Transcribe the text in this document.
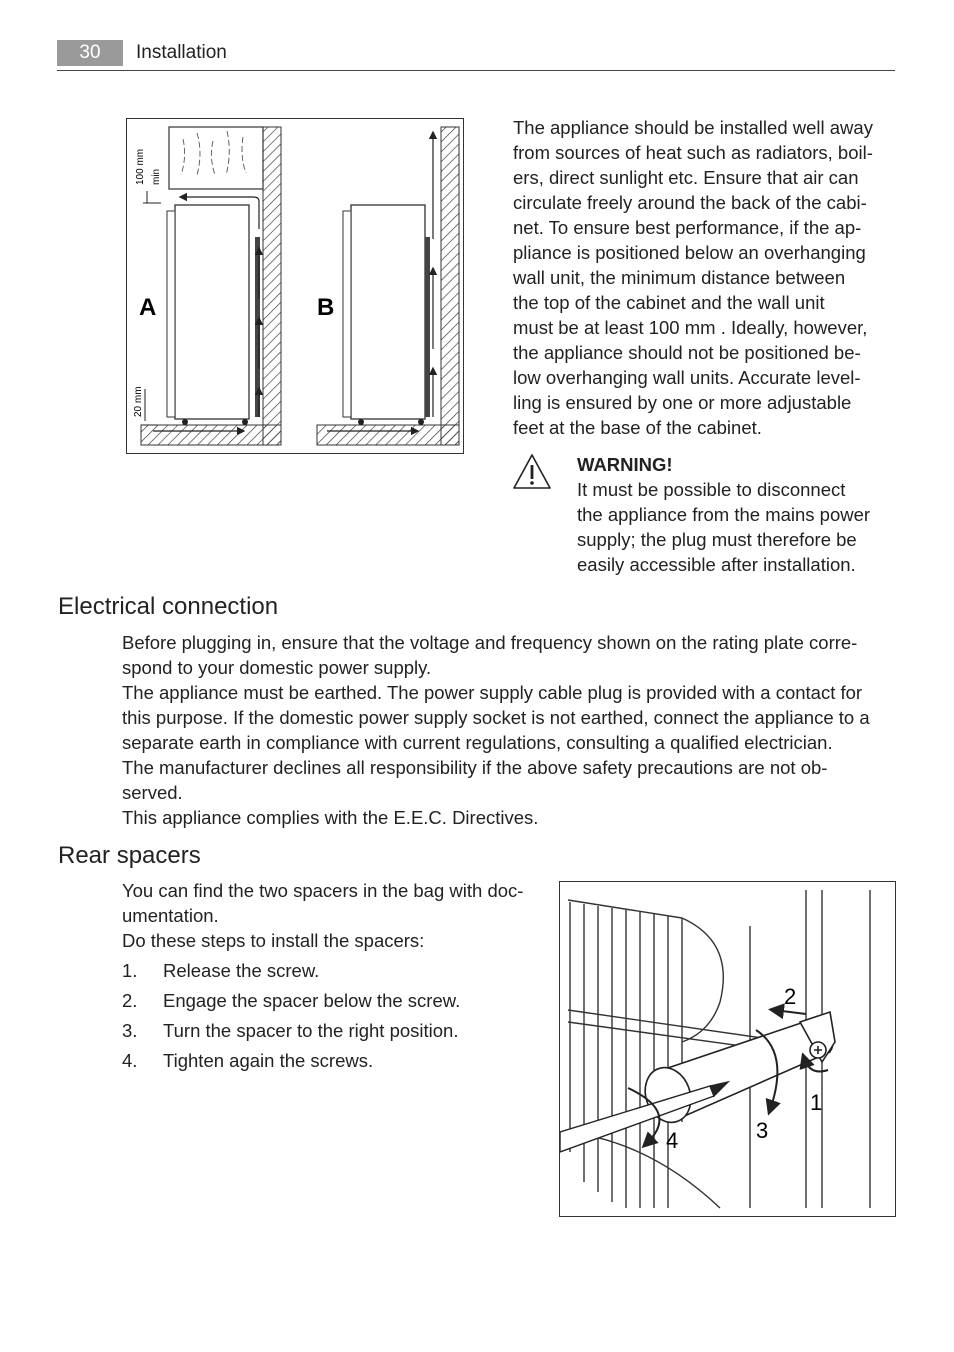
30	Installation
100 mm min
20 mm
A	B

The appliance should be installed well away

from sources of heat such as radiators, boil-

ers, direct sunlight etc. Ensure that air can

circulate freely around the back of the cabi-

net. To ensure best performance, if the ap-

pliance is positioned below an overhanging

wall unit, the minimum distance between

the top of the cabinet and the wall unit

must be at least 100 mm . Ideally, however,

the appliance should not be positioned be-

low overhanging wall units. Accurate level-

ling is ensured by one or more adjustable

feet at the base of the cabinet.

WARNING!

It must be possible to disconnect

the appliance from the mains power

supply; the plug must therefore be

easily accessible after installation.

Electrical connection

Before plugging in, ensure that the voltage and frequency shown on the rating plate corre-

spond to your domestic power supply.

The appliance must be earthed. The power supply cable plug is provided with a contact for

this purpose. If the domestic power supply socket is not earthed, connect the appliance to a

separate earth in compliance with current regulations, consulting a qualified electrician.

The manufacturer declines all responsibility if the above safety precautions are not ob-

served.

This appliance complies with the E.E.C. Directives.

Rear spacers

You can find the two spacers in the bag with doc-

umentation.

Do these steps to install the spacers:

1.	Release the screw.
2.	Engage the spacer below the screw.
3.	Turn the spacer to the right position.
4.	Tighten again the screws.
1
2
3
4
